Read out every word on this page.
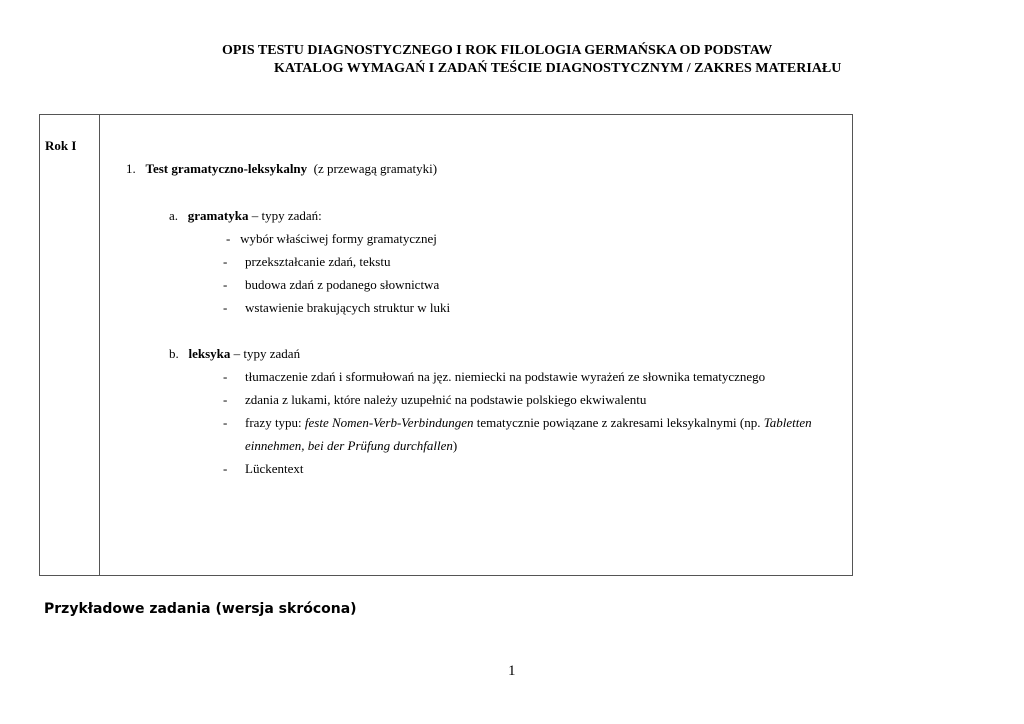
OPIS TESTU DIAGNOSTYCZNEGO I ROK FILOLOGIA GERMAŃSKA OD PODSTAW
KATALOG WYMAGAŃ I ZADAŃ TEŚCIE DIAGNOSTYCZNYM / ZAKRES MATERIAŁU
Rok I
1. Test gramatyczno-leksykalny (z przewagą gramatyki)
a. gramatyka – typy zadań:
- wybór właściwej formy gramatycznej
- przekształcanie zdań, tekstu
- budowa zdań z podanego słownictwa
- wstawienie brakujących struktur w luki
b. leksyka – typy zadań
- tłumaczenie zdań i sformułowań na jęz. niemiecki na podstawie wyrażeń ze słownika tematycznego
- zdania z lukami, które należy uzupełnić na podstawie polskiego ekwiwalentu
- frazy typu: feste Nomen-Verb-Verbindungen tematycznie powiązane z zakresami leksykalnymi (np. Tabletten
einnehmen, bei der Prüfung durchfallen)
- Lückentext
Przykładowe zadania (wersja skrócona)
1
